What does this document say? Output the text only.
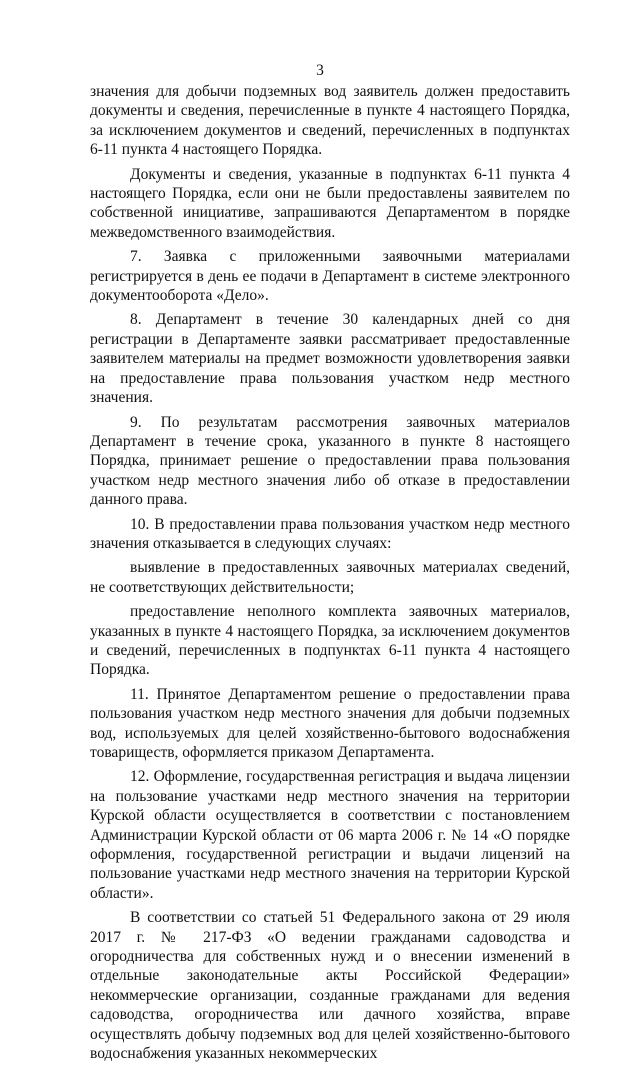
3

значения для добычи подземных вод заявитель должен предоставить документы и сведения, перечисленные в пункте 4 настоящего Порядка, за исключением документов и сведений, перечисленных в подпунктах 6-11 пункта 4 настоящего Порядка.

Документы и сведения, указанные в подпунктах 6-11 пункта 4 настоящего Порядка, если они не были предоставлены заявителем по собственной инициативе, запрашиваются Департаментом в порядке межведомственного взаимодействия.

7. Заявка с приложенными заявочными материалами регистрируется в день ее подачи в Департамент в системе электронного документооборота «Дело».

8. Департамент в течение 30 календарных дней со дня регистрации в Департаменте заявки рассматривает предоставленные заявителем материалы на предмет возможности удовлетворения заявки на предоставление права пользования участком недр местного значения.

9. По результатам рассмотрения заявочных материалов Департамент в течение срока, указанного в пункте 8 настоящего Порядка, принимает решение о предоставлении права пользования участком недр местного значения либо об отказе в предоставлении данного права.

10. В предоставлении права пользования участком недр местного значения отказывается в следующих случаях:

выявление в предоставленных заявочных материалах сведений, не соответствующих действительности;

предоставление неполного комплекта заявочных материалов, указанных в пункте 4 настоящего Порядка, за исключением документов и сведений, перечисленных в подпунктах 6-11 пункта 4 настоящего Порядка.

11. Принятое Департаментом решение о предоставлении права пользования участком недр местного значения для добычи подземных вод, используемых для целей хозяйственно-бытового водоснабжения товариществ, оформляется приказом Департамента.

12. Оформление, государственная регистрация и выдача лицензии на пользование участками недр местного значения на территории Курской области осуществляется в соответствии с постановлением Администрации Курской области от 06 марта 2006 г. № 14 «О порядке оформления, государственной регистрации и выдачи лицензий на пользование участками недр местного значения на территории Курской области».

В соответствии со статьей 51 Федерального закона от 29 июля 2017 г. № 217-ФЗ «О ведении гражданами садоводства и огородничества для собственных нужд и о внесении изменений в отдельные законодательные акты Российской Федерации» некоммерческие организации, созданные гражданами для ведения садоводства, огородничества или дачного хозяйства, вправе осуществлять добычу подземных вод для целей хозяйственно-бытового водоснабжения указанных некоммерческих
